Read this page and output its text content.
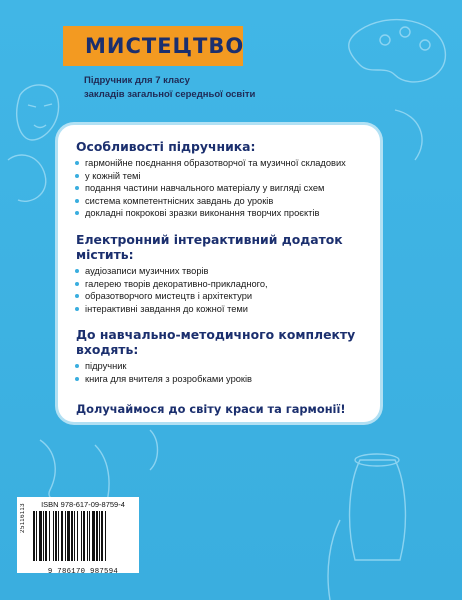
МИСТЕЦТВО
Підручник для 7 класу
закладів загальної середньої освіти
Особливості підручника:
гармонійне поєднання образотворчої та музичної складових
у кожній темі
подання частини навчального матеріалу у вигляді схем
система компетентнісних завдань до уроків
докладні покрокові зразки виконання творчих проєктів
Електронний інтерактивний додаток
містить:
аудіозаписи музичних творів
галерею творів декоративно-прикладного,
образотворчого мистецтв і архітектури
інтерактивні завдання до кожної теми
До навчально-методичного комплекту
входять:
підручник
книга для вчителя з розробками уроків
Долучаймося до світу краси та гармонії!
25116113	ISBN 978-617-09-8759-4
9 786170 987594
